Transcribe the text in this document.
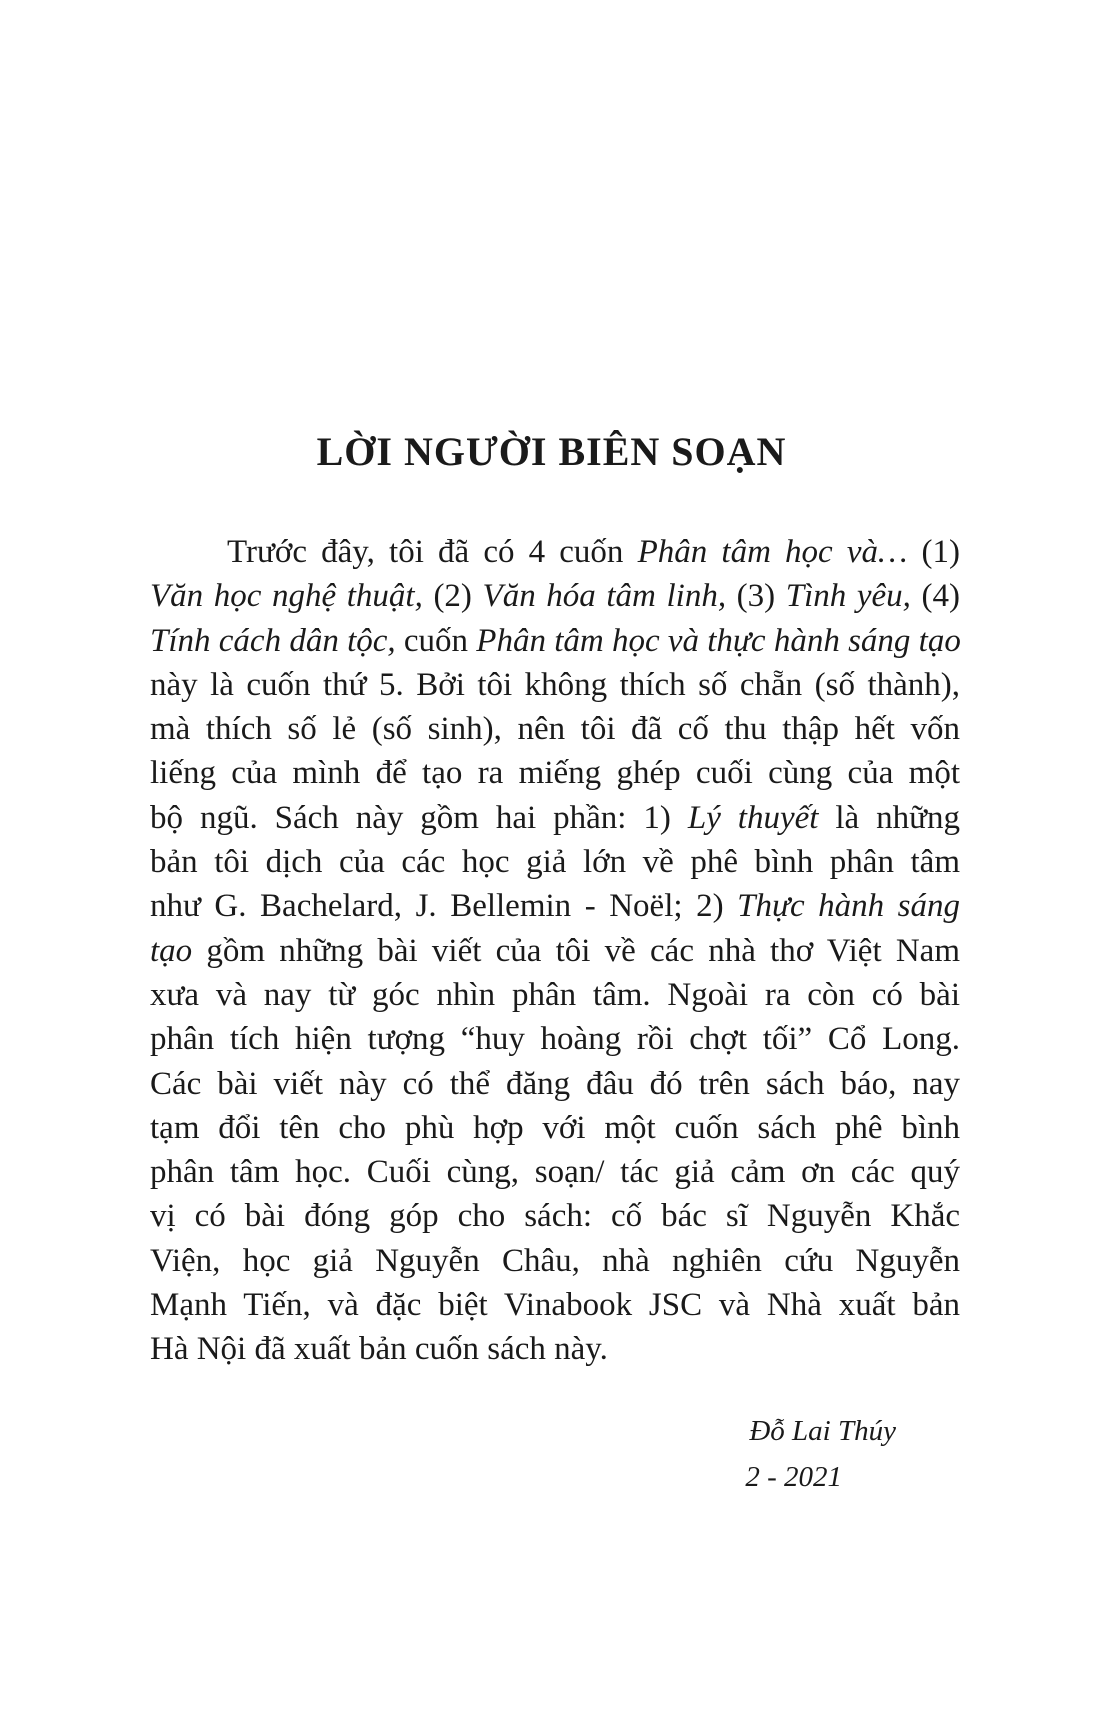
LỜI NGƯỜI BIÊN SOẠN
Trước đây, tôi đã có 4 cuốn Phân tâm học và… (1)
Văn học nghệ thuật, (2) Văn hóa tâm linh, (3) Tình yêu, (4)
Tính cách dân tộc, cuốn Phân tâm học và thực hành sáng tạo
này là cuốn thứ 5. Bởi tôi không thích số chẵn (số thành),
mà thích số lẻ (số sinh), nên tôi đã cố thu thập hết vốn
liếng của mình để tạo ra miếng ghép cuối cùng của một
bộ ngũ. Sách này gồm hai phần: 1) Lý thuyết là những
bản tôi dịch của các học giả lớn về phê bình phân tâm
như G. Bachelard, J. Bellemin - Noël; 2) Thực hành sáng
tạo gồm những bài viết của tôi về các nhà thơ Việt Nam
xưa và nay từ góc nhìn phân tâm. Ngoài ra còn có bài
phân tích hiện tượng “huy hoàng rồi chợt tối” Cổ Long.
Các bài viết này có thể đăng đâu đó trên sách báo, nay
tạm đổi tên cho phù hợp với một cuốn sách phê bình
phân tâm học. Cuối cùng, soạn/ tác giả cảm ơn các quý
vị có bài đóng góp cho sách: cố bác sĩ Nguyễn Khắc
Viện, học giả Nguyễn Châu, nhà nghiên cứu Nguyễn
Mạnh Tiến, và đặc biệt Vinabook JSC và Nhà xuất bản
Hà Nội đã xuất bản cuốn sách này.
Đỗ Lai Thúy
2 - 2021
